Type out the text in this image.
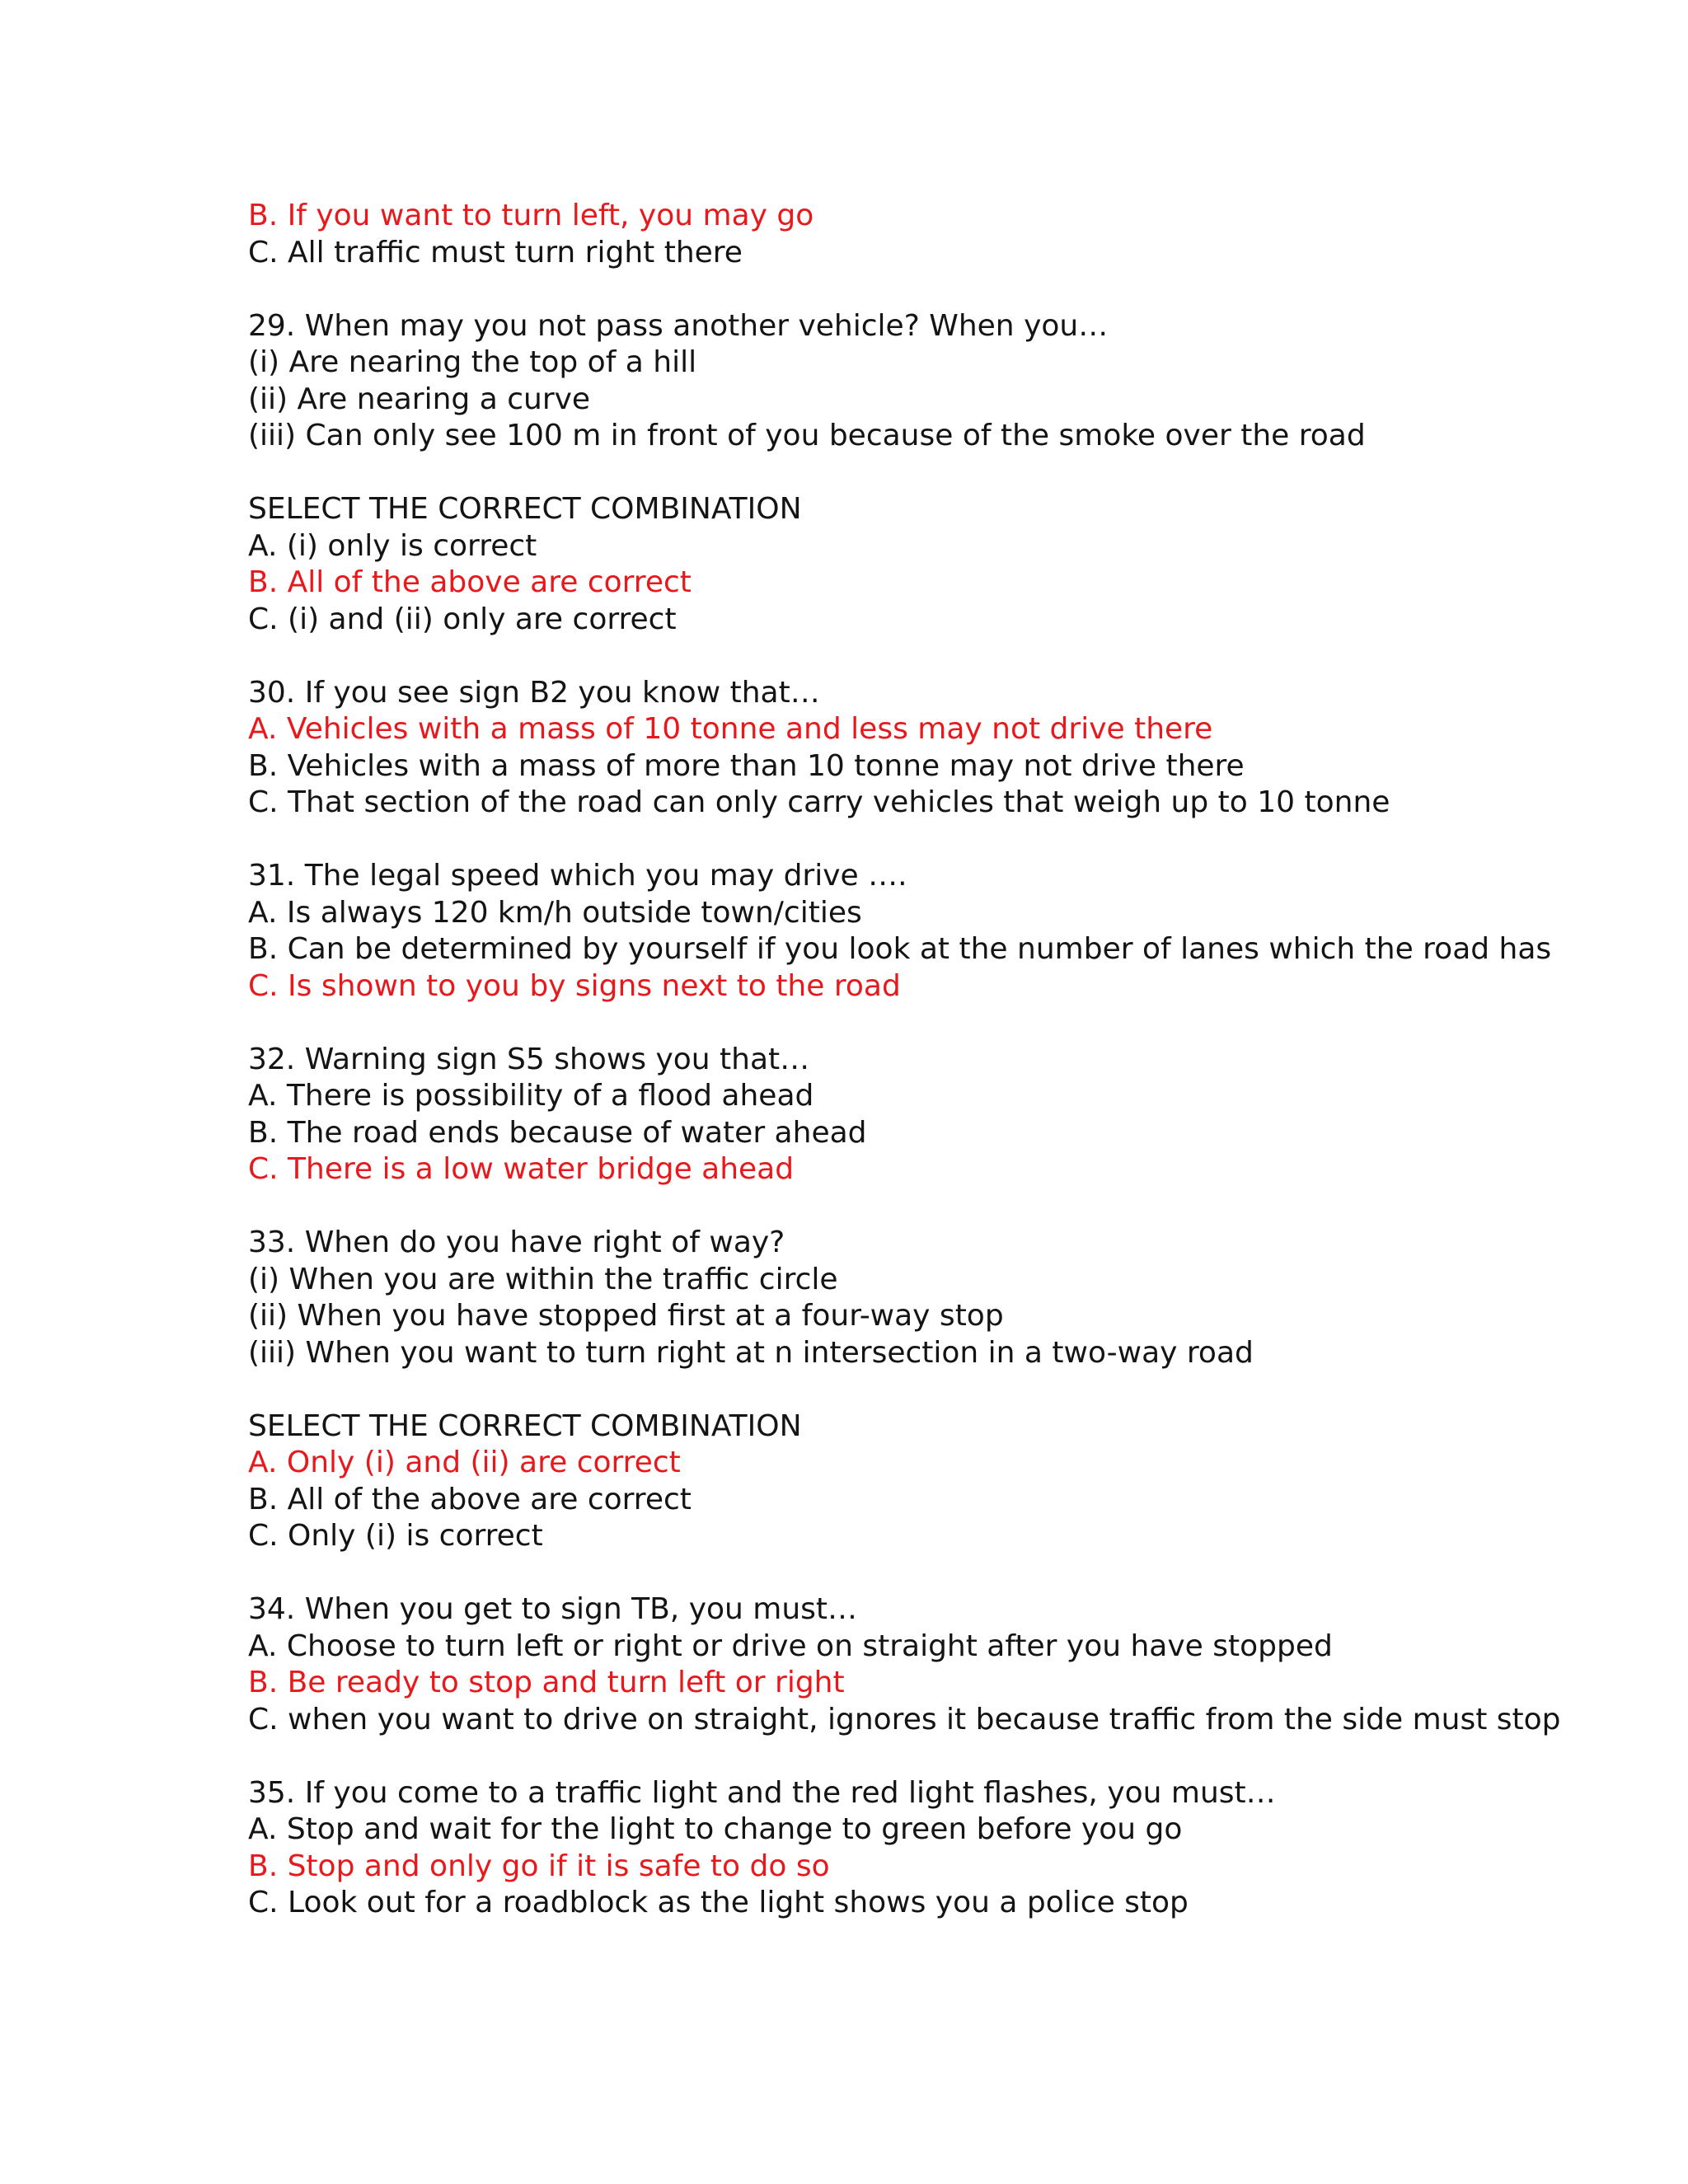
B. If you want to turn left, you may go
C. All traffic must turn right there
29. When may you not pass another vehicle? When you…
(i) Are nearing the top of a hill
(ii) Are nearing a curve
(iii) Can only see 100 m in front of you because of the smoke over the road
SELECT THE CORRECT COMBINATION
A. (i) only is correct
B. All of the above are correct
C. (i) and (ii) only are correct
30. If you see sign B2 you know that…
A. Vehicles with a mass of 10 tonne and less may not drive there
B. Vehicles with a mass of more than 10 tonne may not drive there
C. That section of the road can only carry vehicles that weigh up to 10 tonne
31. The legal speed which you may drive ….
A. Is always 120 km/h outside town/cities
B. Can be determined by yourself if you look at the number of lanes which the road has
C. Is shown to you by signs next to the road
32. Warning sign S5 shows you that…
A. There is possibility of a flood ahead
B. The road ends because of water ahead
C. There is a low water bridge ahead
33. When do you have right of way?
(i) When you are within the traffic circle
(ii) When you have stopped first at a four-way stop
(iii) When you want to turn right at n intersection in a two-way road
SELECT THE CORRECT COMBINATION
A. Only (i) and (ii) are correct
B. All of the above are correct
C. Only (i) is correct
34. When you get to sign TB, you must…
A. Choose to turn left or right or drive on straight after you have stopped
B. Be ready to stop and turn left or right
C. when you want to drive on straight, ignores it because traffic from the side must stop
35. If you come to a traffic light and the red light flashes, you must…
A. Stop and wait for the light to change to green before you go
B. Stop and only go if it is safe to do so
C. Look out for a roadblock as the light shows you a police stop
